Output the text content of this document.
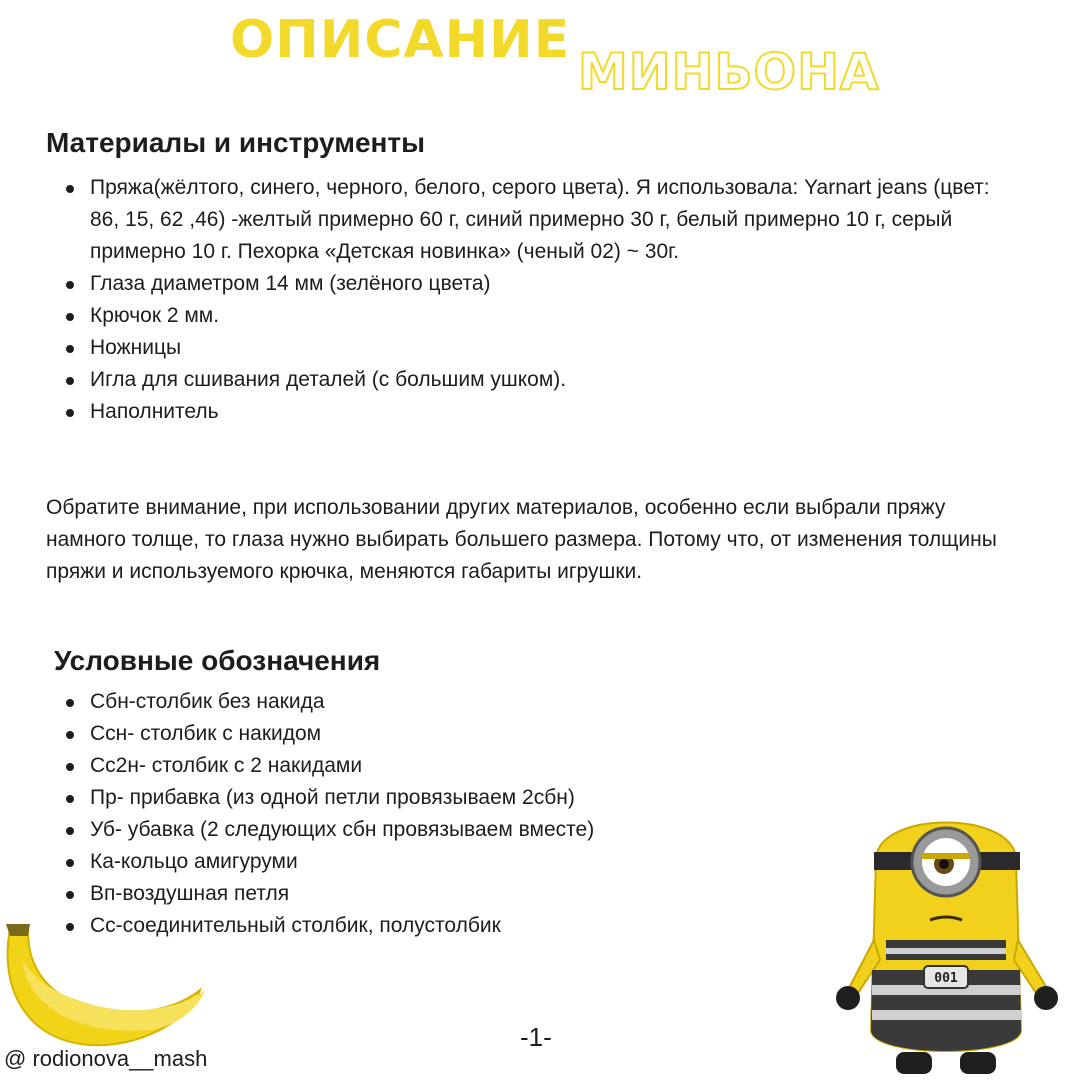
ОПИСАНИЕ
МИНЬОНА
Материалы и инструменты
Пряжа(жёлтого, синего, черного, белого, серого цвета). Я использовала: Yarnart jeans (цвет: 86, 15, 62 ,46) -желтый примерно 60 г, синий примерно 30 г, белый примерно 10 г, серый примерно 10 г. Пехорка «Детская новинка» (ченый 02) ~ 30г.
Глаза диаметром 14 мм (зелёного цвета)
Крючок 2 мм.
Ножницы
Игла для сшивания деталей (с большим ушком).
Наполнитель

Обратите внимание, при использовании других материалов, особенно если выбрали пряжу намного толще, то глаза нужно выбирать большего размера. Потому что, от изменения толщины пряжи и используемого крючка, меняются габариты игрушки.

Условные обозначения
Сбн-столбик без накида
Ссн- столбик с накидом
Сс2н- столбик с 2 накидами
Пр- прибавка (из одной петли провязываем 2сбн)
Уб- убавка (2 следующих сбн провязываем вместе)
Ка-кольцо амигуруми
Вп-воздушная петля
Сс-соединительный столбик, полустолбик
001
-1-
@ rodionova__mash
